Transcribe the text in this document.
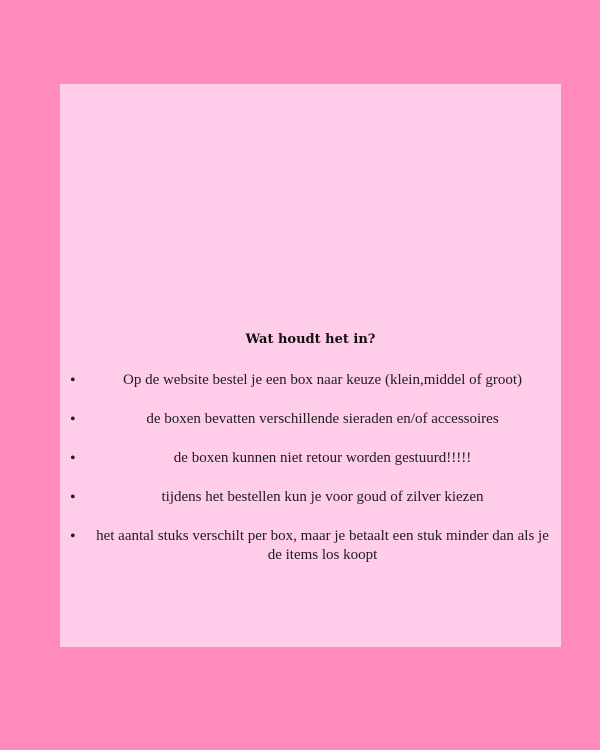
Wat houdt het in?
•	Op de website bestel je een box naar keuze (klein,middel of groot)
•	de boxen bevatten verschillende sieraden en/of accessoires
•	de boxen kunnen niet retour worden gestuurd!!!!!
•	tijdens het bestellen kun je voor goud of zilver kiezen
•	het aantal stuks verschilt per box, maar je betaalt een stuk minder dan als je de items los koopt
